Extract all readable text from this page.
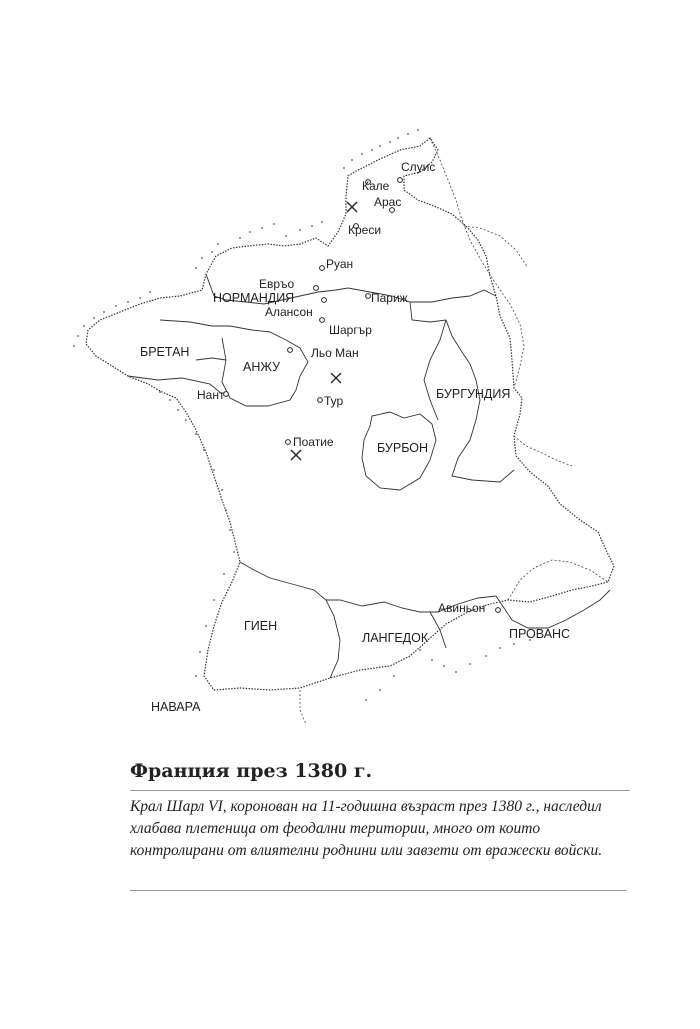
НОРМАНДИЯ
БРЕТАН
АНЖУ
БУРГУНДИЯ
БУРБОН
ГИЕН
ЛАНГЕДОК	ПРОВАНС
НАВАРА
Слуис
Кале
Арас
Креси
Руан
Евръо
Алансон
Париж
Шаргър
Льо Ман
Нант	Тур
Поатие
Авиньон
Франция през 1380 г.

Крал Шарл VI, коронован на 11-годишна възраст през 1380 г., наследил хлабава плетеница от феодални територии, много от които контролирани от влиятелни роднини или завзети от вражески войски.
